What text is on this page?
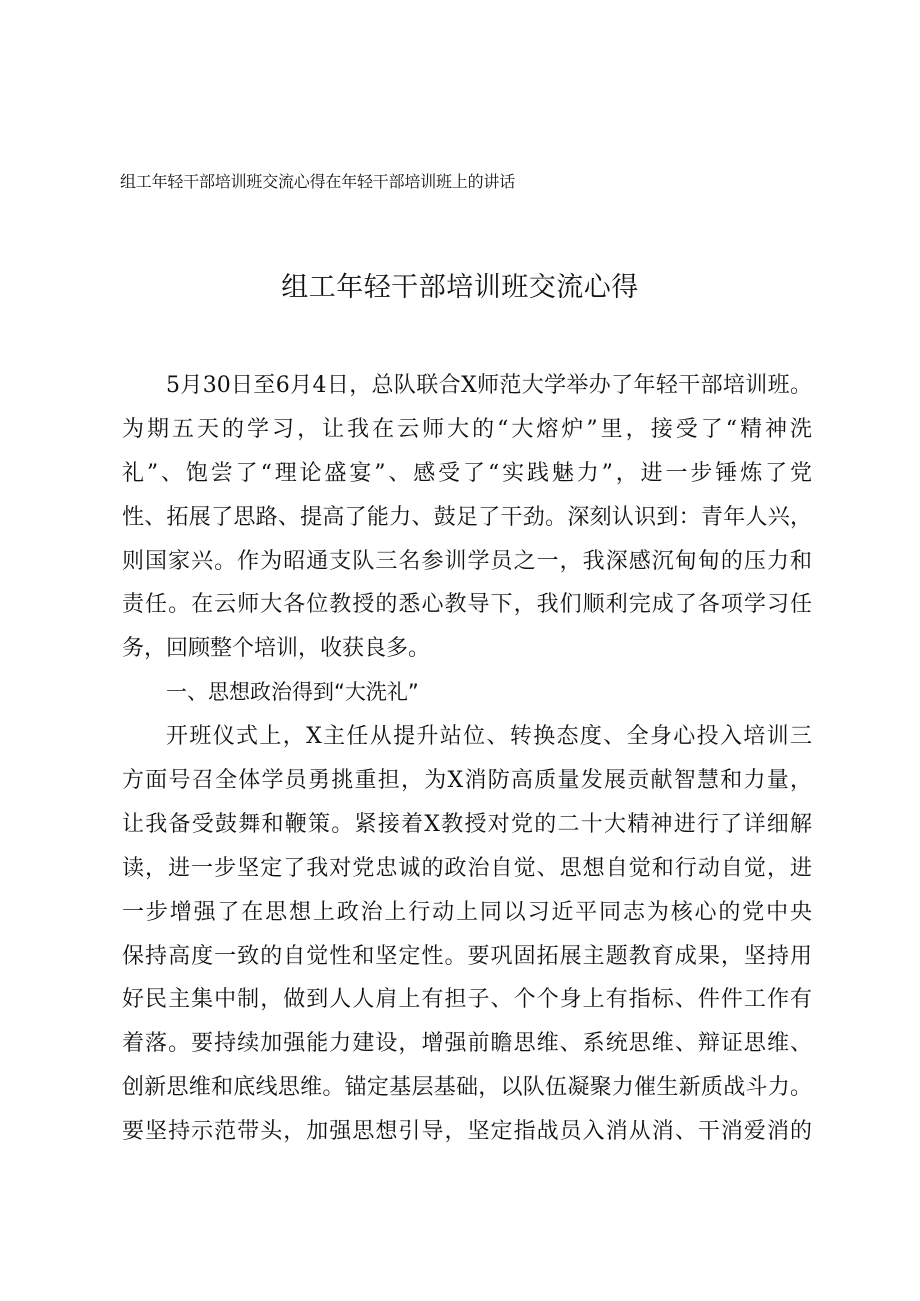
组工年轻干部培训班交流心得在年轻干部培训班上的讲话
组工年轻干部培训班交流心得
5月30日至6月4日，总队联合X师范大学举办了年轻干部培训班。
为期五天的学习，让我在云师大的“大熔炉”里，接受了“精神洗
礼”、饱尝了“理论盛宴”、感受了“实践魅力”，进一步锤炼了党
性、拓展了思路、提高了能力、鼓足了干劲。深刻认识到：青年人兴，
则国家兴。作为昭通支队三名参训学员之一，我深感沉甸甸的压力和
责任。在云师大各位教授的悉心教导下，我们顺利完成了各项学习任
务，回顾整个培训，收获良多。
一、思想政治得到“大洗礼”
开班仪式上，X主任从提升站位、转换态度、全身心投入培训三
方面号召全体学员勇挑重担，为X消防高质量发展贡献智慧和力量，
让我备受鼓舞和鞭策。紧接着X教授对党的二十大精神进行了详细解
读，进一步坚定了我对党忠诚的政治自觉、思想自觉和行动自觉，进
一步增强了在思想上政治上行动上同以习近平同志为核心的党中央
保持高度一致的自觉性和坚定性。要巩固拓展主题教育成果，坚持用
好民主集中制，做到人人肩上有担子、个个身上有指标、件件工作有
着落。要持续加强能力建设，增强前瞻思维、系统思维、辩证思维、
创新思维和底线思维。锚定基层基础，以队伍凝聚力催生新质战斗力。
要坚持示范带头，加强思想引导，坚定指战员入消从消、干消爱消的
